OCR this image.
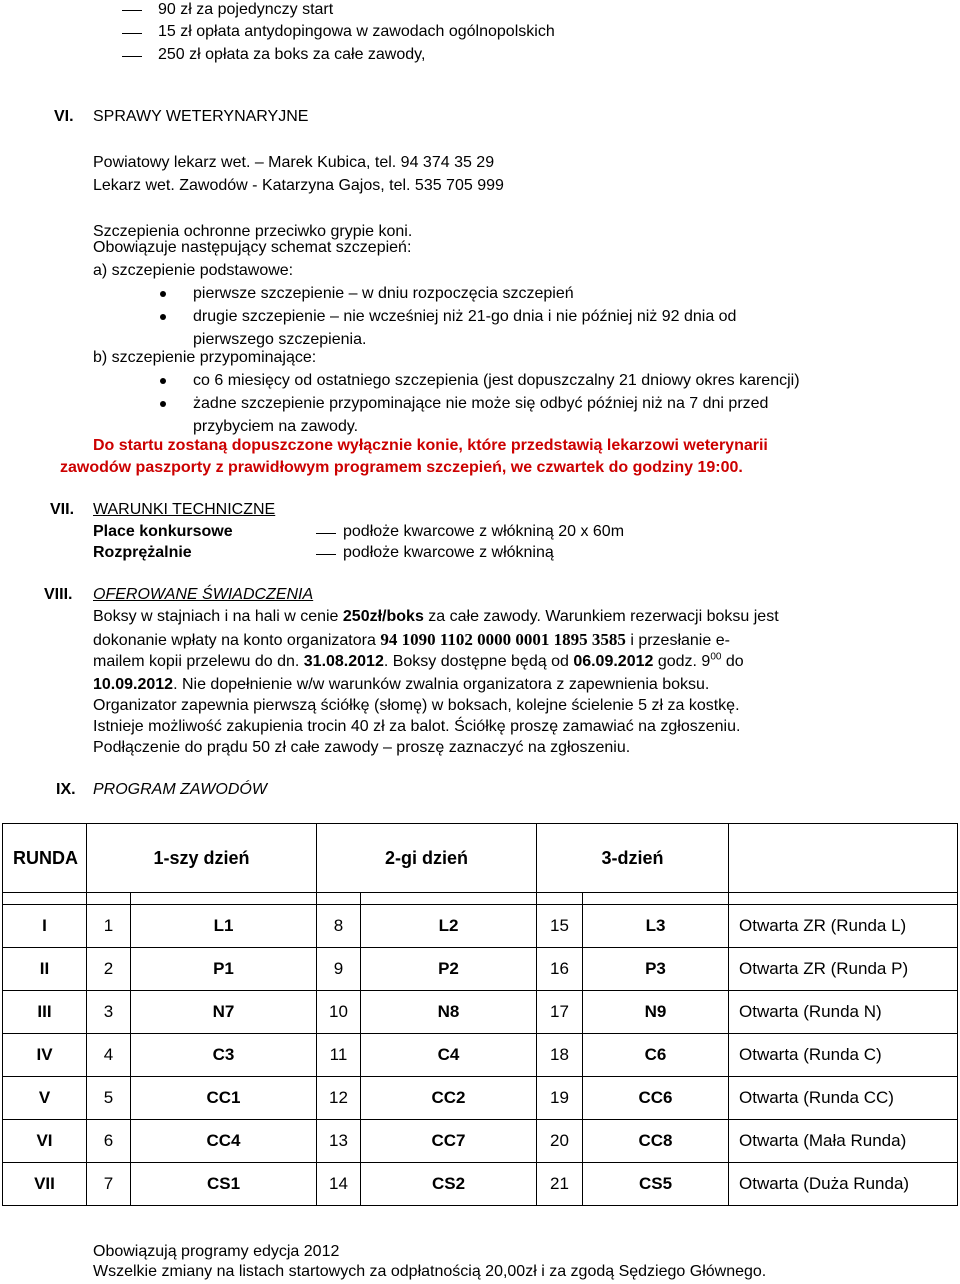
90 zł za pojedynczy start
15 zł opłata antydopingowa w zawodach ogólnopolskich
250 zł opłata za boks za całe zawody,
VI. SPRAWY WETERYNARYJNE
Powiatowy lekarz wet. – Marek Kubica, tel. 94 374 35 29
Lekarz wet. Zawodów - Katarzyna Gajos, tel. 535 705 999
Szczepienia ochronne przeciwko grypie koni.
Obowiązuje następujący schemat szczepień:
a) szczepienie podstawowe:
pierwsze szczepienie – w dniu rozpoczęcia szczepień
drugie szczepienie – nie wcześniej niż 21-go dnia i nie później niż 92 dnia od
pierwszego szczepienia.
b) szczepienie przypominające:
co 6 miesięcy od ostatniego szczepienia (jest dopuszczalny 21 dniowy okres karencji)
żadne szczepienie przypominające nie może się odbyć później niż na 7 dni przed
przybyciem na zawody.
Do startu zostaną dopuszczone wyłącznie konie, które przedstawią lekarzowi weterynarii
zawodów paszporty z prawidłowym programem szczepień, we czwartek do godziny 19:00.
VII. WARUNKI TECHNICZNE
Place konkursowe	podłoże kwarcowe z włókniną 20 x 60m
Rozprężalnie	podłoże kwarcowe z włókniną
VIII. OFEROWANE ŚWIADCZENIA
Boksy w stajniach i na hali w cenie 250zł/boks za całe zawody. Warunkiem rezerwacji boksu jest
dokonanie wpłaty na konto organizatora 94 1090 1102 0000 0001 1895 3585 i przesłanie e-
mailem kopii przelewu do dn. 31.08.2012. Boksy dostępne będą od 06.09.2012 godz. $9^{00}$ do
10.09.2012. Nie dopełnienie w/w warunków zwalnia organizatora z zapewnienia boksu.
Organizator zapewnia pierwszą ściółkę (słomę) w boksach, kolejne ścielenie 5 zł za kostkę.
Istnieje możliwość zakupienia trocin 40 zł za balot. Ściółkę proszę zamawiać na zgłoszeniu.
Podłączenie do prądu 50 zł całe zawody – proszę zaznaczyć na zgłoszeniu.
IX. PROGRAM ZAWODÓW
RUNDA	1-szy dzień		2-gi dzień		3-dzień		

I	1	L1	8	L2	15	L3	Otwarta ZR (Runda L)
II	2	P1	9	P2	16	P3	Otwarta ZR (Runda P)
III	3	N7	10	N8	17	N9	Otwarta (Runda N)
IV	4	C3	11	C4	18	C6	Otwarta (Runda C)
V	5	CC1	12	CC2	19	CC6	Otwarta (Runda CC)
VI	6	CC4	13	CC7	20	CC8	Otwarta (Mała Runda)
VII	7	CS1	14	CS2	21	CS5	Otwarta (Duża Runda)
Obowiązują programy edycja 2012
Wszelkie zmiany na listach startowych za odpłatnością 20,00zł i za zgodą Sędziego Głównego.
